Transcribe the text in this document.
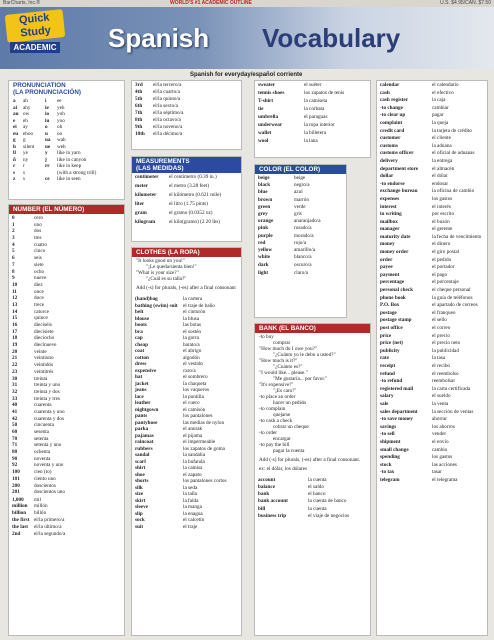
BarCharts, Inc.®	WORLD'S #1 ACADEMIC OUTLINE	U.S. $4.95/CAN. $7.50
Quick
Study
ACADEMIC Spanish Vocabulary
Spanish for everyday/español corriente
PRONUNCIATION
(LA PRONUNCIACIÓN)
a	ah	i	ee
ai	ahy	ie	yeh
au ow	io	yoh
e	eh	iu	yoo
ei	ay	o	oh
eu ehoo	u	oo
g	g	ua	wah
h	silent	ue	weh
ll	ye	y	like in yarn
ñ	ny	j	like in canyon
r	r	rr	like in keep
s	s	(with a strong trill)
z	s	ce	like in seen
NUMBER (EL NÚMERO)
0	cero
1	uno
2	dos
3	tres
4	cuatro
5	cinco
6	seis
7	siete
8	ocho
9	nueve
10	diez
11	once
12	doce
13	trece
14	catorce
15	quince
16	dieciséis
17	diecisiete
18	dieciocho
19	diecinueve
20	veinte
21	veintiuno
22	veintidós
23	veintitrés
30	treinta
31	treinta y uno
32	treinta y dos
33	treinta y tres
40	cuarenta
41	cuarenta y uno
42	cuarenta y dos
50	cincuenta
60	sesenta
70	setenta
71	setenta y uno
80	ochenta
90	noventa
92	noventa y uno
100	cien (to)
101	ciento uno
200	doscientos
201	doscientos uno
1,000	mil
million	millón
billion	billón
the first el/la primero/a
the last	el/la último/a
2nd	el/la segundo/a
3rd	el/la tercero/a
4th	el/la cuarto/a
5th	el/la quinto/a
6th	el/la sexto/a
7th	el/la séptimo/a
8th	el/la octavo/a
9th	el/la noveno/a
10th	el/la décimo/a
MEASUREMENTS
(LAS MEDIDAS)
centimeter	el centímetro (0.39 in.)
meter	el metro (3.28 feet)
kilometer	el kilómetro (0.621 mile)
liter	el litro (1.75 pints)
gram	el gramo (0.0352 oz)
kilogram	el kilo(gramo) (2.20 lbs)
CLOTHES (LA ROPA)
"It looks good on you!"
"¡Le queda/sienta bien!"
"What is your size?"
"¿Cuál es su talla?"
Add (-s) for plurals, (-es) after a final consonant
(hand)bag	la cartera
bathing (swim) suit	el traje de baño
belt	el cinturón
blouse	la blusa
boots	las botas
bra	el sostén
cap	la gorra
cheap	barato/a
coat	el abrigo
cotton	algodón
dress	el vestido
expensive	caro/a
hat	el sombrero
jacket	la chaqueta
jeans	los vaqueros
lace	la puntilla
leather	el cuero
nightgown	el camisón
pants	los pantalones
pantyhose	las medias de nylon
parka	el anorak
pajamas	el pijama
raincoat	el impermeable
rubbers	los zapatos de goma
sandal	la sandalia
scarf	la bufanda
shirt	la camisa
shoe	el zapato
shorts	los pantalones cortos
silk	la seda
size	la talla
skirt	la falda
sleeve	la manga
slip	la enagua
sock	el calcetín
suit	el traje
sweater	el suéter
tennis shoes	los zapatos de tenis
T-shirt	la camiseta
tie	la corbata
umbrella	el paraguas
underwear	la ropa interior
wallet	la billetera
wool	la lana
COLOR (EL COLOR)
beige	beige
black	negro/a
blue	azul
brown	marrón
green	verde
grey	gris
orange	anaranjado/a
pink	rosado/a
purple	morado/a
red	rojo/a
yellow	amarillo/a
white	blanco/a
dark	oscuro/a
light	claro/a
BANK (EL BANCO)
-to buy
comprar
"How much do I owe you?"
"¿Cuánto yo le debo a usted?"
"How much is it?"
"¿Cuánto es?"
"I would like... please."
"Me gustaría... por favor."
"It's expensive!"
"¡Es caro!"
-to place an order
hacer un pedido
-to complain
quejarse
-to cash a check
cobrar un cheque
-to order
encargar
-to pay the bill
pagar la cuenta
Add (-s) for plurals, (-es) after a final consonant.
ex: el dólar, los dólares
account	la cuenta
balance	el saldo
bank	el banco
bank account	la cuenta de banco
bill	la cuenta
business trip	el viaje de negocios
calendar	el calendario
cash	el efectivo
cash register	la caja
-to change	cambiar
-to clear up	pagar
complaint	la queja
credit card	la tarjeta de crédito
customer	el cliente
customs	la aduana
customs officer	el oficial de aduanas
delivery	la entrega
department store	el almacén
dollar	el dólar
-to endorse	endosar
exchange bureau	la oficina de cambio
expenses	los gastos
interest	el interés
in writing	por escrito
mailbox	el buzón
manager	el gerente
maturity date	la fecha de vencimiento
money	el dinero
money order	el giro postal
order	el pedido
payee	el portador
payment	el pago
percentage	el porcentaje
personal check	el cheque personal
phone book	la guía de teléfonos
P.O. Box	el apartado de correos
postage	el franqueo
postage stamp	el sello
post office	el correo
price	el precio
price (net)	el precio neto
publicity	la publicidad
rate	la tasa
receipt	el recibo
refund	el reembolso
-to refund	reembolsar
registered mail	la carta certificada
salary	el sueldo
sale	la venta
sales department	la sección de ventas
-to save money	ahorrar
savings	los ahorros
-to sell	vender
shipment	el envío
small change	cambio
spending	los gastos
stock	las acciones
-to tax	tasar
telegram	el telegrama
